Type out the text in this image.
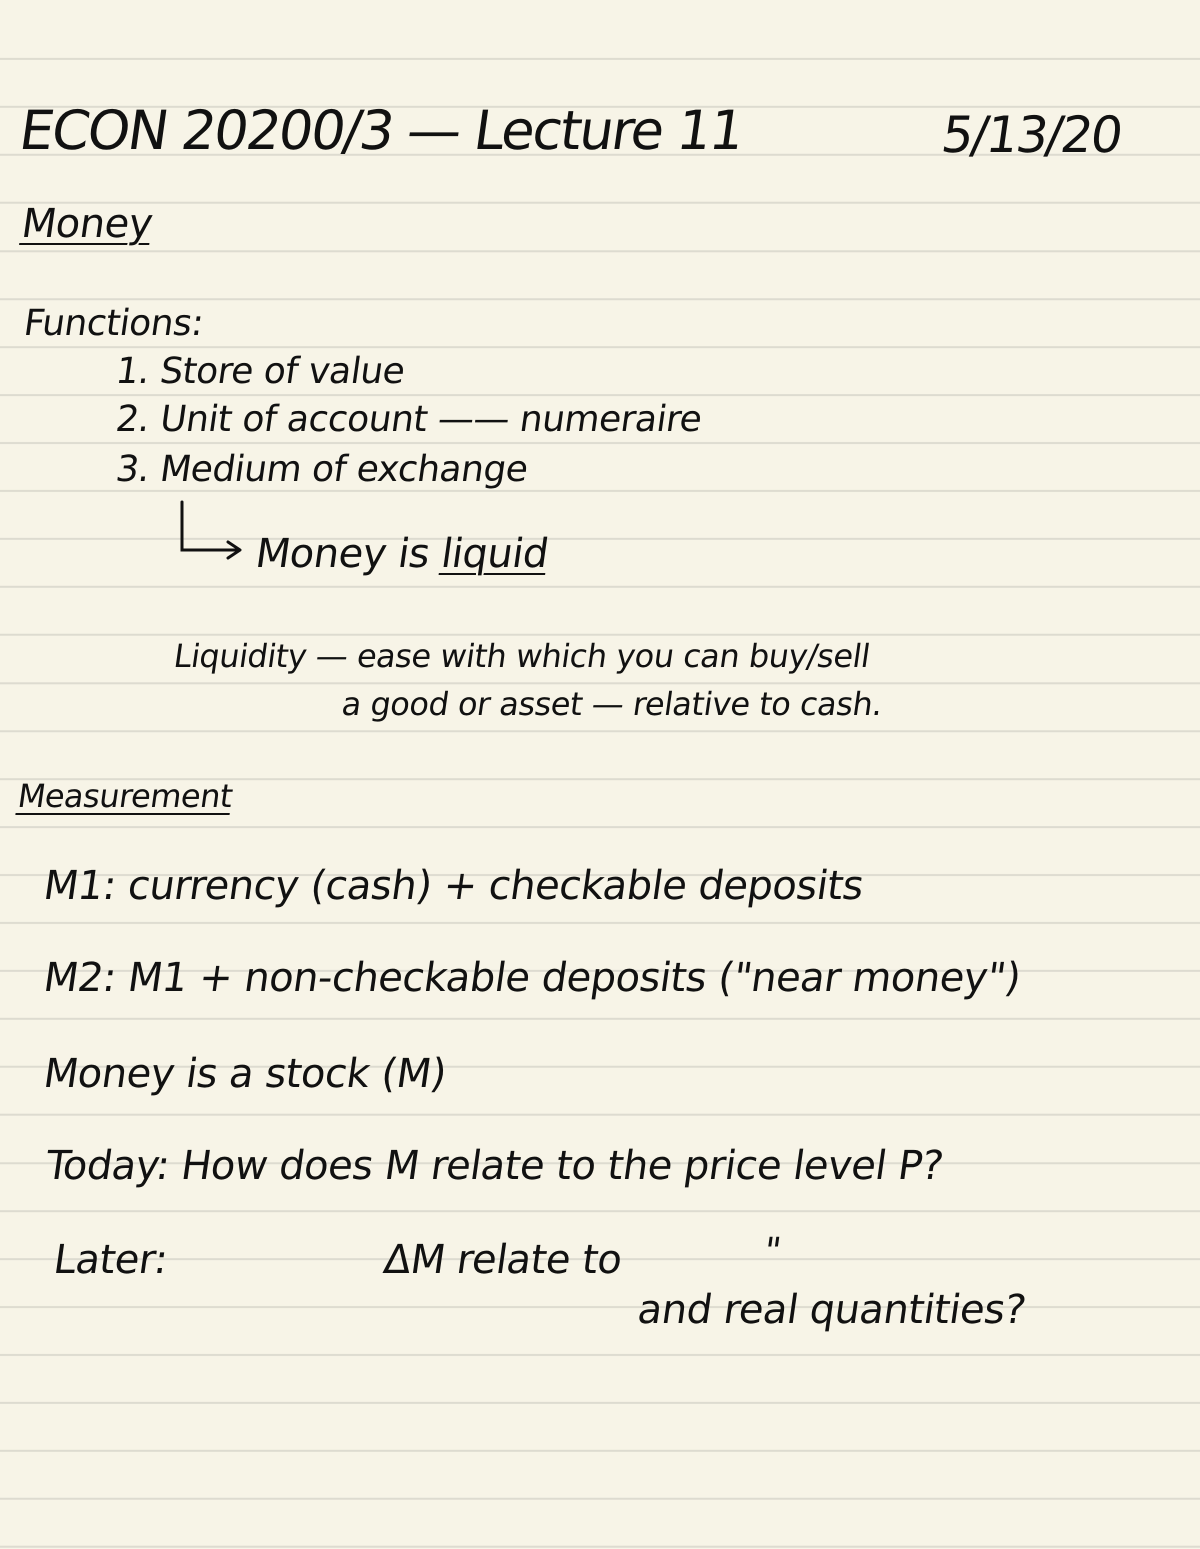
ECON 20200/3 — Lecture 11	5/13/20
Money
Functions:
1. Store of value
2. Unit of account —— numeraire
3. Medium of exchange
Money is liquid
Liquidity — ease with which you can buy/sell
a good or asset — relative to cash.
Measurement
M1: currency (cash) + checkable deposits
M2: M1 + non-checkable deposits ("near money")
Money is a stock (M)
Today: How does M relate to the price level P?
Later:	ΔM relate to	"
and real quantities?
